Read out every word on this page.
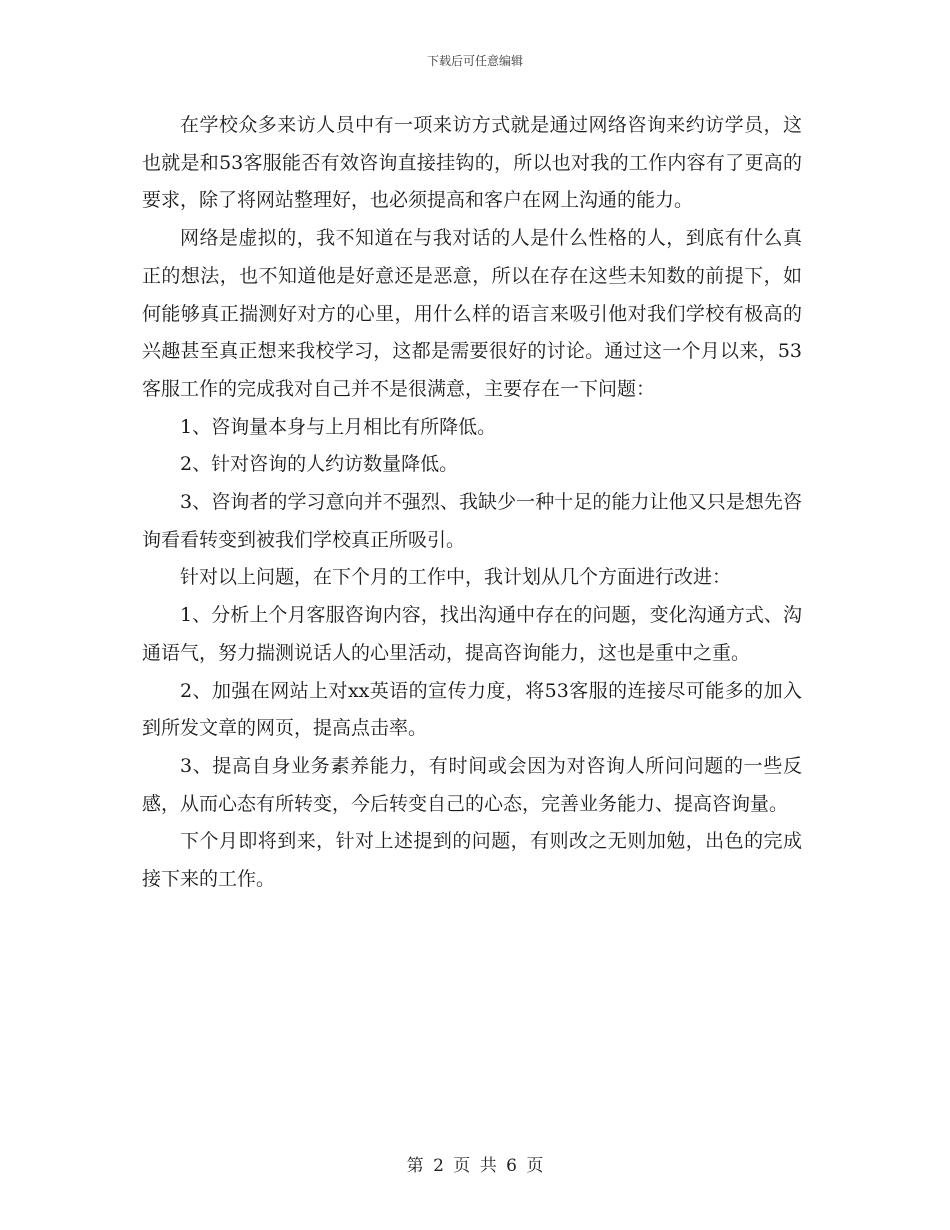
下载后可任意编辑

在学校众多来访人员中有一项来访方式就是通过网络咨询来约访学员，这也就是和53客服能否有效咨询直接挂钩的，所以也对我的工作内容有了更高的要求，除了将网站整理好，也必须提高和客户在网上沟通的能力。

网络是虚拟的，我不知道在与我对话的人是什么性格的人，到底有什么真正的想法，也不知道他是好意还是恶意，所以在存在这些未知数的前提下，如何能够真正揣测好对方的心里，用什么样的语言来吸引他对我们学校有极高的兴趣甚至真正想来我校学习，这都是需要很好的讨论。通过这一个月以来，53客服工作的完成我对自己并不是很满意，主要存在一下问题：

1、咨询量本身与上月相比有所降低。

2、针对咨询的人约访数量降低。

3、咨询者的学习意向并不强烈、我缺少一种十足的能力让他又只是想先咨询看看转变到被我们学校真正所吸引。

针对以上问题，在下个月的工作中，我计划从几个方面进行改进：

1、分析上个月客服咨询内容，找出沟通中存在的问题，变化沟通方式、沟通语气，努力揣测说话人的心里活动，提高咨询能力，这也是重中之重。

2、加强在网站上对xx英语的宣传力度，将53客服的连接尽可能多的加入到所发文章的网页，提高点击率。

3、提高自身业务素养能力，有时间或会因为对咨询人所问问题的一些反感，从而心态有所转变，今后转变自己的心态，完善业务能力、提高咨询量。

下个月即将到来，针对上述提到的问题，有则改之无则加勉，出色的完成接下来的工作。

第 2 页 共 6 页
